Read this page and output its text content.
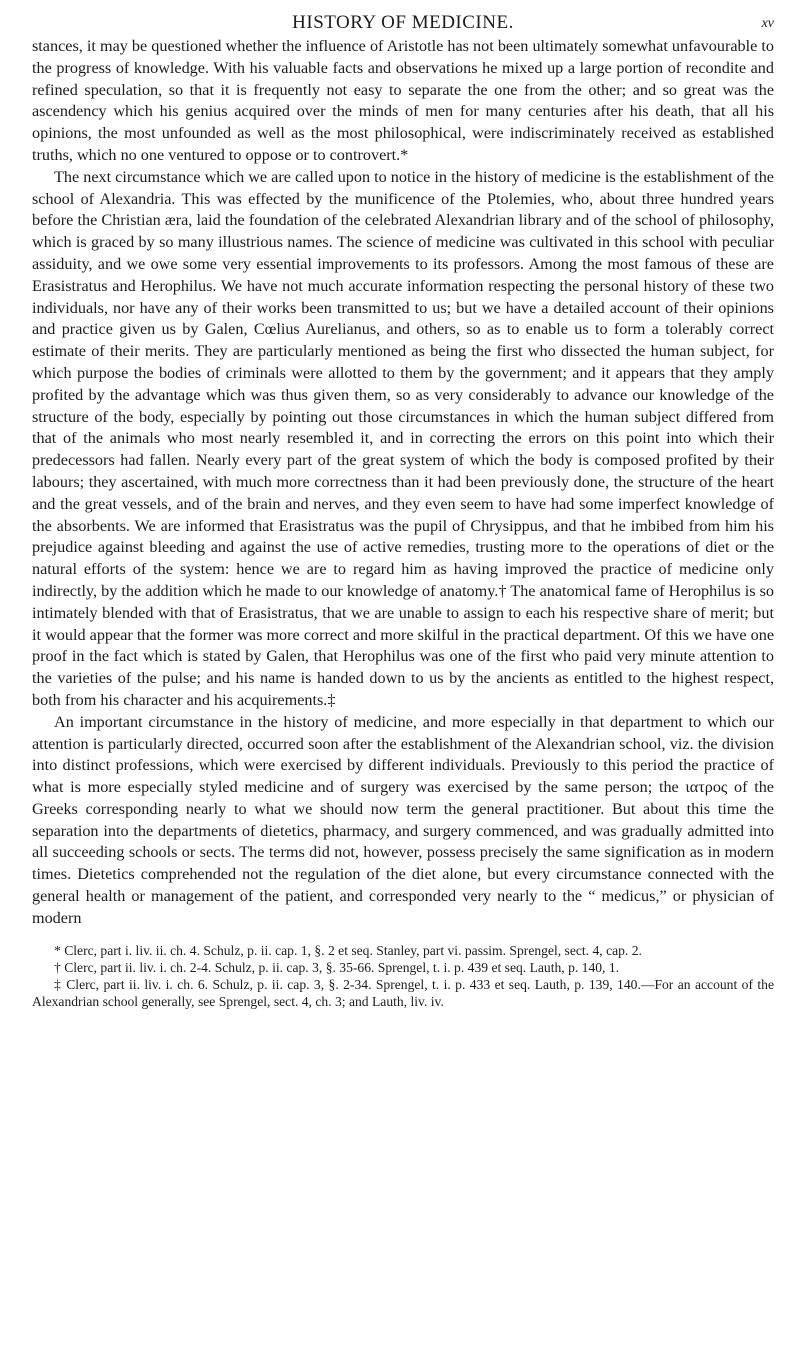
HISTORY OF MEDICINE.	xv

stances, it may be questioned whether the influence of Aristotle has not been ultimately somewhat unfavourable to the progress of knowledge. With his valuable facts and observations he mixed up a large portion of recondite and refined speculation, so that it is frequently not easy to separate the one from the other; and so great was the ascendency which his genius acquired over the minds of men for many centuries after his death, that all his opinions, the most unfounded as well as the most philosophical, were indiscriminately received as established truths, which no one ventured to oppose or to controvert.*

The next circumstance which we are called upon to notice in the history of medicine is the establishment of the school of Alexandria. This was effected by the munificence of the Ptolemies, who, about three hundred years before the Christian æra, laid the foundation of the celebrated Alexandrian library and of the school of philosophy, which is graced by so many illustrious names. The science of medicine was cultivated in this school with peculiar assiduity, and we owe some very essential improvements to its professors. Among the most famous of these are Erasistratus and Herophilus. We have not much accurate information respecting the personal history of these two individuals, nor have any of their works been transmitted to us; but we have a detailed account of their opinions and practice given us by Galen, Cœlius Aurelianus, and others, so as to enable us to form a tolerably correct estimate of their merits. They are particularly mentioned as being the first who dissected the human subject, for which purpose the bodies of criminals were allotted to them by the government; and it appears that they amply profited by the advantage which was thus given them, so as very considerably to advance our knowledge of the structure of the body, especially by pointing out those circumstances in which the human subject differed from that of the animals who most nearly resembled it, and in correcting the errors on this point into which their predecessors had fallen. Nearly every part of the great system of which the body is composed profited by their labours; they ascertained, with much more correctness than it had been previously done, the structure of the heart and the great vessels, and of the brain and nerves, and they even seem to have had some imperfect knowledge of the absorbents. We are informed that Erasistratus was the pupil of Chrysippus, and that he imbibed from him his prejudice against bleeding and against the use of active remedies, trusting more to the operations of diet or the natural efforts of the system: hence we are to regard him as having improved the practice of medicine only indirectly, by the addition which he made to our knowledge of anatomy.† The anatomical fame of Herophilus is so intimately blended with that of Erasistratus, that we are unable to assign to each his respective share of merit; but it would appear that the former was more correct and more skilful in the practical department. Of this we have one proof in the fact which is stated by Galen, that Herophilus was one of the first who paid very minute attention to the varieties of the pulse; and his name is handed down to us by the ancients as entitled to the highest respect, both from his character and his acquirements.‡

An important circumstance in the history of medicine, and more especially in that department to which our attention is particularly directed, occurred soon after the establishment of the Alexandrian school, viz. the division into distinct professions, which were exercised by different individuals. Previously to this period the practice of what is more especially styled medicine and of surgery was exercised by the same person; the ιατρος of the Greeks corresponding nearly to what we should now term the general practitioner. But about this time the separation into the departments of dietetics, pharmacy, and surgery commenced, and was gradually admitted into all succeeding schools or sects. The terms did not, however, possess precisely the same signification as in modern times. Dietetics comprehended not the regulation of the diet alone, but every circumstance connected with the general health or management of the patient, and corresponded very nearly to the “ medicus,” or physician of modern

* Clerc, part i. liv. ii. ch. 4. Schulz, p. ii. cap. 1, §. 2 et seq. Stanley, part vi. passim. Sprengel, sect. 4, cap. 2.

† Clerc, part ii. liv. i. ch. 2-4. Schulz, p. ii. cap. 3, §. 35-66. Sprengel, t. i. p. 439 et seq. Lauth, p. 140, 1.

‡ Clerc, part ii. liv. i. ch. 6. Schulz, p. ii. cap. 3, §. 2-34. Sprengel, t. i. p. 433 et seq. Lauth, p. 139, 140.—For an account of the Alexandrian school generally, see Sprengel, sect. 4, ch. 3; and Lauth, liv. iv.
